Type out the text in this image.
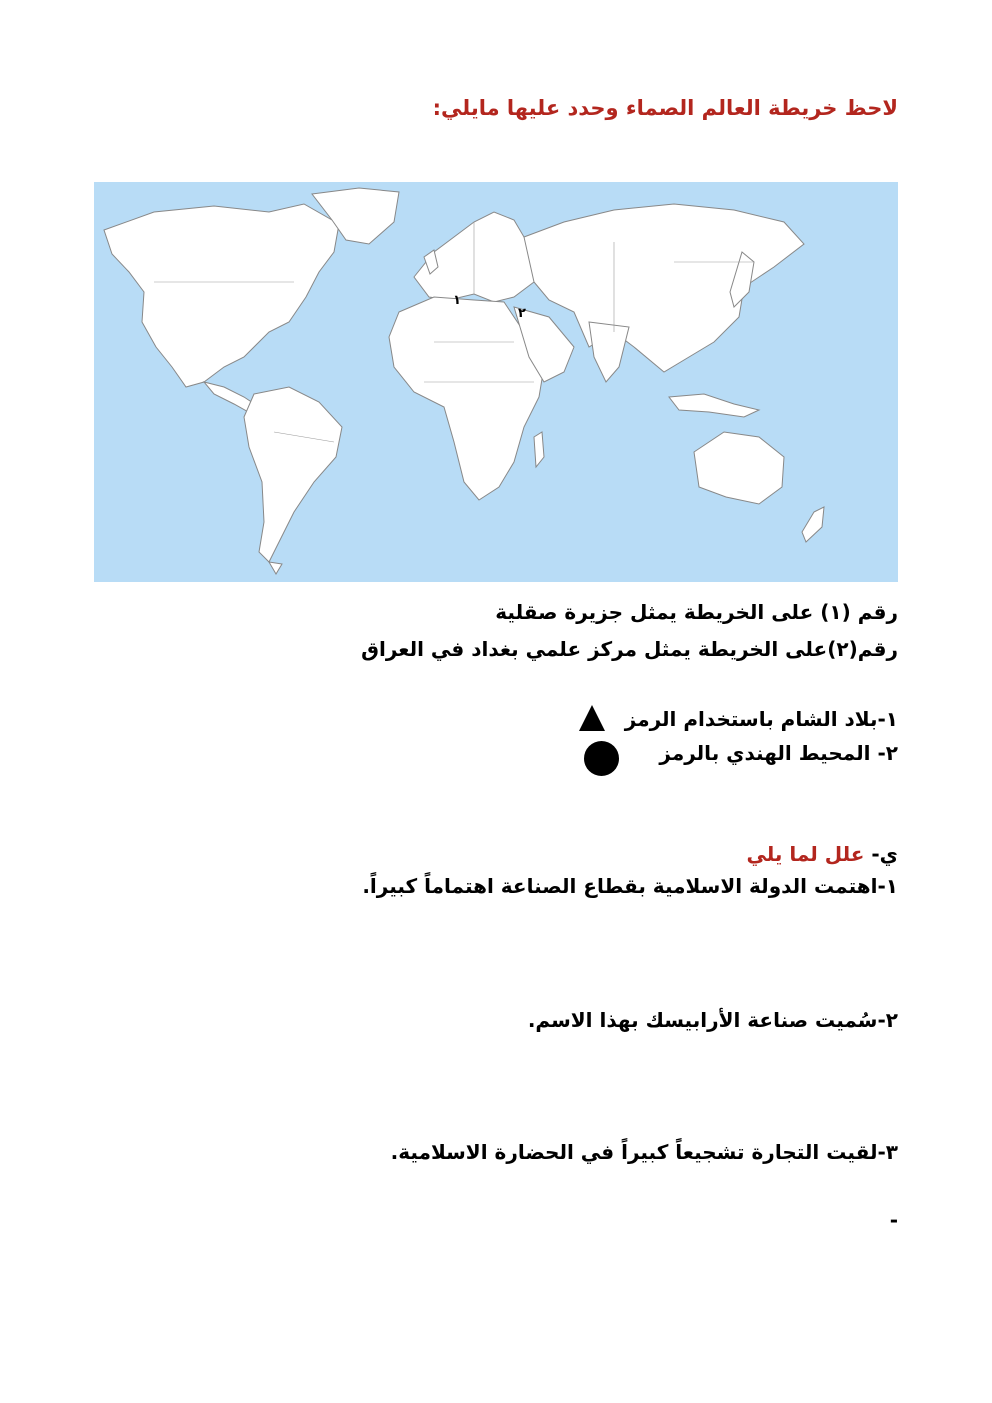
لاحظ خريطة العالم الصماء وحدد عليها مايلي:
١
٢
رقم (١) على الخريطة يمثل جزيرة صقلية
رقم(٢)على الخريطة يمثل مركز علمي بغداد في العراق
١-بلاد الشام باستخدام الرمز
٢- المحيط الهندي بالرمز
ي- علل لما يلي
١-اهتمت الدولة الاسلامية بقطاع الصناعة اهتماماً كبيراً.
٢-سُميت صناعة الأرابيسك بهذا الاسم.
٣-لقيت التجارة تشجيعاً كبيراً في الحضارة الاسلامية.
-
